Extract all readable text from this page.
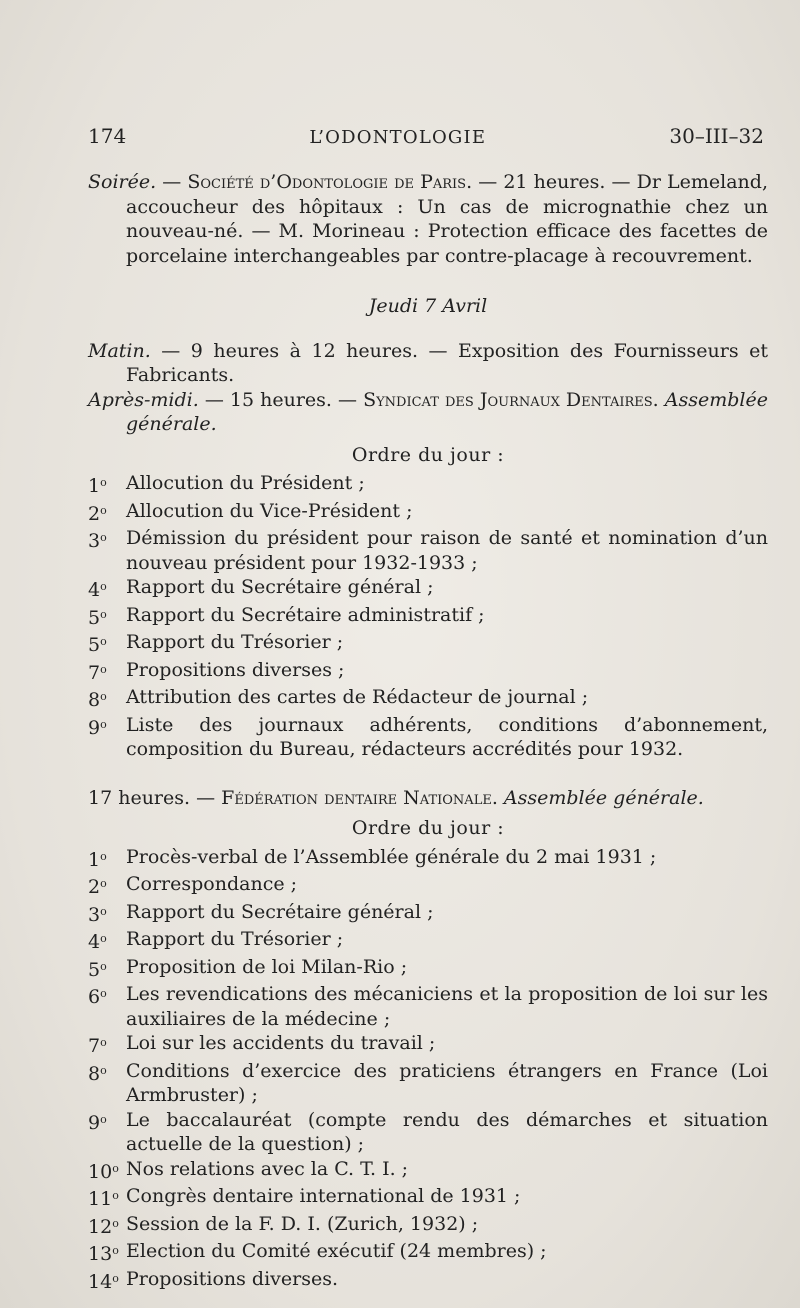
174	L’ODONTOLOGIE	30–III–32

Soirée. — Société d’Odontologie de Paris. — 21 heures. — Dr Lemeland, accoucheur des hôpitaux : Un cas de micrognathie chez un nouveau-né. — M. Morineau : Protection efficace des facettes de porcelaine interchangeables par contre-placage à recouvrement.

Jeudi 7 Avril

Matin. — 9 heures à 12 heures. — Exposition des Fournisseurs et Fabricants.

Après-midi. — 15 heures. — Syndicat des Journaux Dentaires. Assemblée générale.

Ordre du jour :
1$^o$	Allocution du Président ;
2$^o$	Allocution du Vice-Président ;
3$^o$	Démission du président pour raison de santé et nomination d’un nouveau président pour 1932-1933 ;
4$^o$	Rapport du Secrétaire général ;
5$^o$	Rapport du Secrétaire administratif ;
5$^o$	Rapport du Trésorier ;
7$^o$	Propositions diverses ;
8$^o$	Attribution des cartes de Rédacteur de journal ;
9$^o$	Liste des journaux adhérents, conditions d’abonnement, composition du Bureau, rédacteurs accrédités pour 1932.

17 heures. — Fédération dentaire Nationale. Assemblée générale.

Ordre du jour :
1$^o$	Procès-verbal de l’Assemblée générale du 2 mai 1931 ;
2$^o$	Correspondance ;
3$^o$	Rapport du Secrétaire général ;
4$^o$	Rapport du Trésorier ;
5$^o$	Proposition de loi Milan-Rio ;
6$^o$	Les revendications des mécaniciens et la proposition de loi sur les auxiliaires de la médecine ;
7$^o$	Loi sur les accidents du travail ;
8$^o$	Conditions d’exercice des praticiens étrangers en France (Loi Armbruster) ;
9$^o$	Le baccalauréat (compte rendu des démarches et situation actuelle de la question) ;
10$^o$ Nos relations avec la C. T. I. ;
11$^o$ Congrès dentaire international de 1931 ;
12$^o$ Session de la F. D. I. (Zurich, 1932) ;
13$^o$ Election du Comité exécutif (24 membres) ;
14$^o$ Propositions diverses.
